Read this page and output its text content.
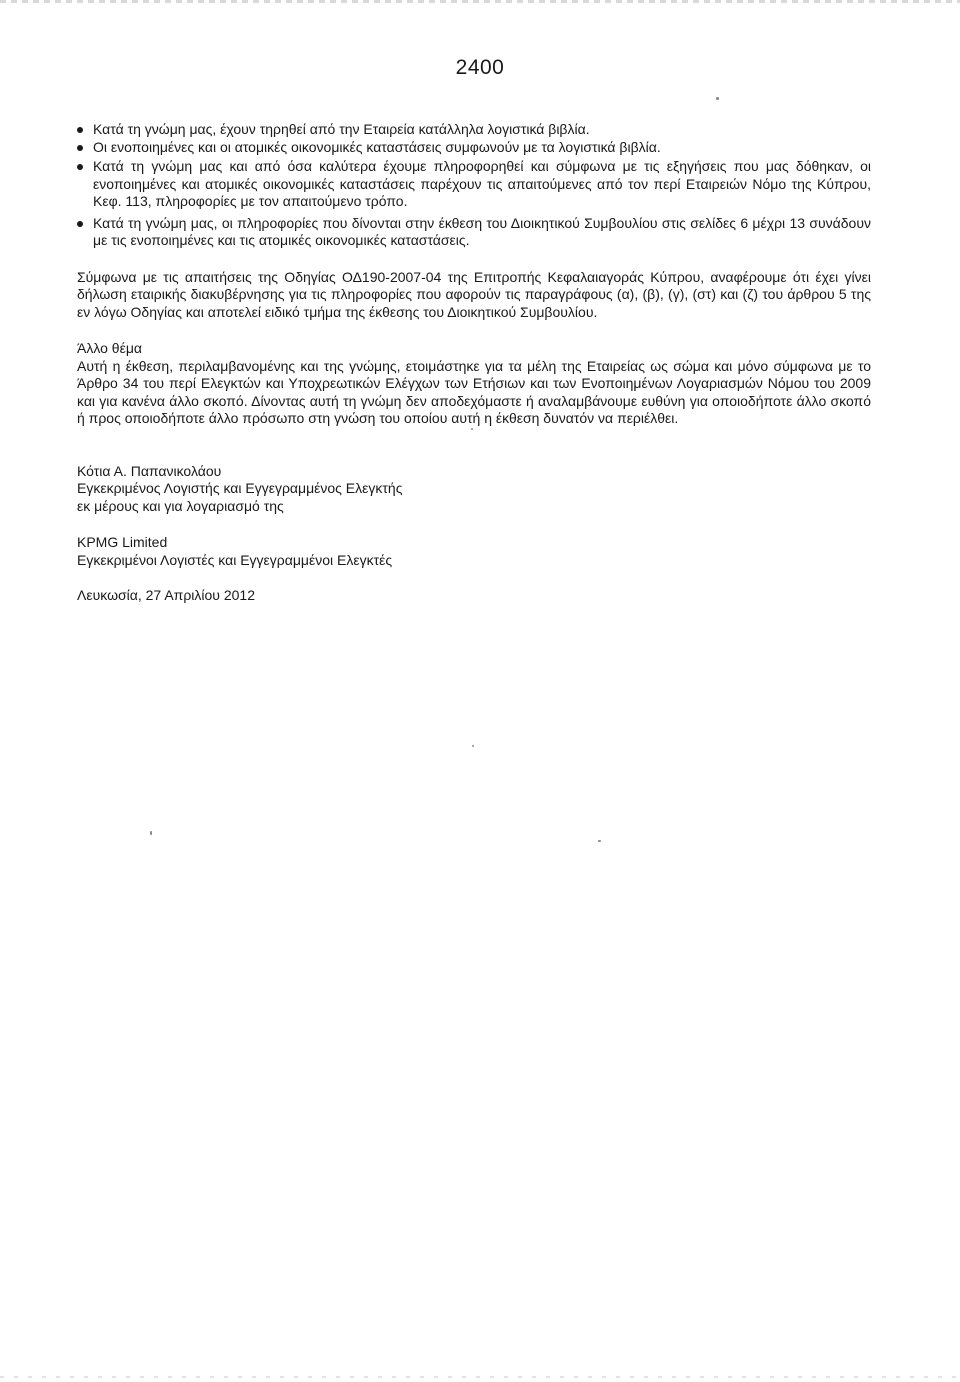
2400
Κατά τη γνώμη μας, έχουν τηρηθεί από την Εταιρεία κατάλληλα λογιστικά βιβλία.
Οι ενοποιημένες και οι ατομικές οικονομικές καταστάσεις συμφωνούν με τα λογιστικά βιβλία.
Κατά τη γνώμη μας και από όσα καλύτερα έχουμε πληροφορηθεί και σύμφωνα με τις εξηγήσεις που μας δόθηκαν, οι ενοποιημένες και ατομικές οικονομικές καταστάσεις παρέχουν τις απαιτούμενες από τον περί Εταιρειών Νόμο της Κύπρου, Κεφ. 113, πληροφορίες με τον απαιτούμενο τρόπο.
Κατά τη γνώμη μας, οι πληροφορίες που δίνονται στην έκθεση του Διοικητικού Συμβουλίου στις σελίδες 6 μέχρι 13 συνάδουν με τις ενοποιημένες και τις ατομικές οικονομικές καταστάσεις.

Σύμφωνα με τις απαιτήσεις της Οδηγίας ΟΔ190-2007-04 της Επιτροπής Κεφαλαιαγοράς Κύπρου, αναφέρουμε ότι έχει γίνει δήλωση εταιρικής διακυβέρνησης για τις πληροφορίες που αφορούν τις παραγράφους (α), (β), (γ), (στ) και (ζ) του άρθρου 5 της εν λόγω Οδηγίας και αποτελεί ειδικό τμήμα της έκθεσης του Διοικητικού Συμβουλίου.

Άλλο θέμα

Αυτή η έκθεση, περιλαμβανομένης και της γνώμης, ετοιμάστηκε για τα μέλη της Εταιρείας ως σώμα και μόνο σύμφωνα με το Άρθρο 34 του περί Ελεγκτών και Υποχρεωτικών Ελέγχων των Ετήσιων και των Ενοποιημένων Λογαριασμών Νόμου του 2009 και για κανένα άλλο σκοπό. Δίνοντας αυτή τη γνώμη δεν αποδεχόμαστε ή αναλαμβάνουμε ευθύνη για οποιοδήποτε άλλο σκοπό ή προς οποιοδήποτε άλλο πρόσωπο στη γνώση του οποίου αυτή η έκθεση δυνατόν να περιέλθει.

Κότια Α. Παπανικολάου
Εγκεκριμένος Λογιστής και Εγγεγραμμένος Ελεγκτής
εκ μέρους και για λογαριασμό της
KPMG Limited
Εγκεκριμένοι Λογιστές και Εγγεγραμμένοι Ελεγκτές
Λευκωσία, 27 Απριλίου 2012
